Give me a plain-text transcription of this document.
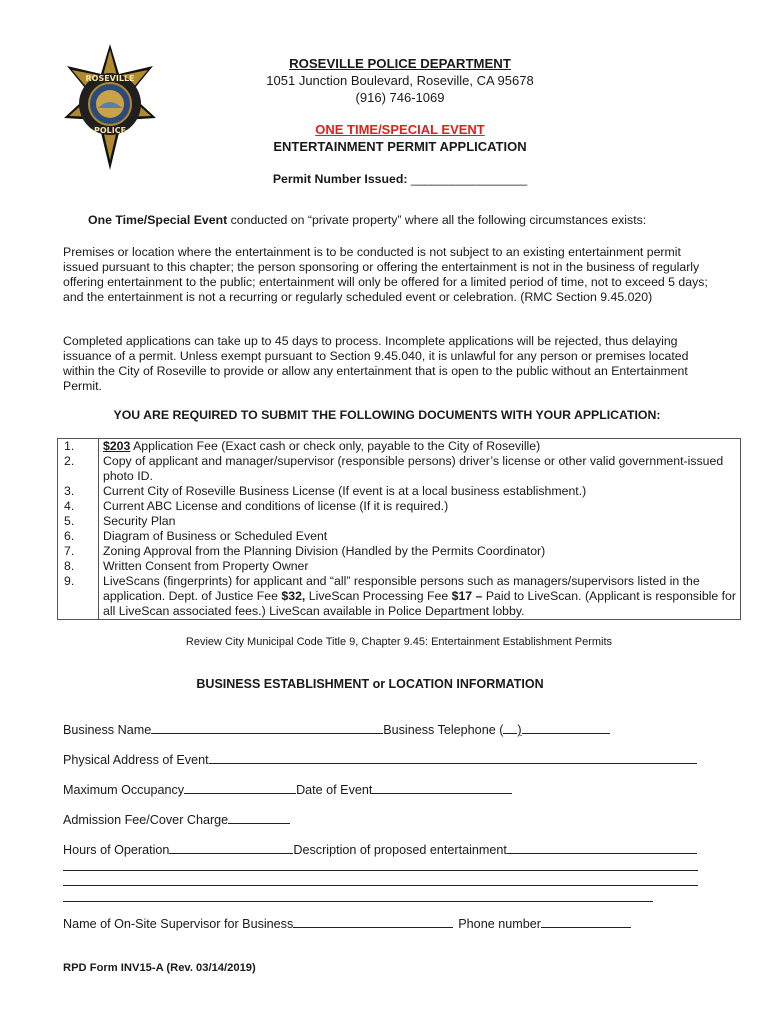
ROSEVILLE
POLICE
ROSEVILLE POLICE DEPARTMENT
1051 Junction Boulevard, Roseville, CA 95678
(916) 746-1069
ONE TIME/SPECIAL EVENT
ENTERTAINMENT PERMIT APPLICATION
Permit Number Issued: _________________
One Time/Special Event conducted on “private property” where all the following circumstances exists:
Premises or location where the entertainment is to be conducted is not subject to an existing entertainment permit issued pursuant to this chapter; the person sponsoring or offering the entertainment is not in the business of regularly offering entertainment to the public; entertainment will only be offered for a limited period of time, not to exceed 5 days; and the entertainment is not a recurring or regularly scheduled event or celebration. (RMC Section 9.45.020)
Completed applications can take up to 45 days to process. Incomplete applications will be rejected, thus delaying issuance of a permit. Unless exempt pursuant to Section 9.45.040, it is unlawful for any person or premises located within the City of Roseville to provide or allow any entertainment that is open to the public without an Entertainment Permit.
YOU ARE REQUIRED TO SUBMIT THE FOLLOWING DOCUMENTS WITH YOUR APPLICATION:
1.	$203 Application Fee (Exact cash or check only, payable to the City of Roseville)
2.	Copy of applicant and manager/supervisor (responsible persons) driver’s license or other valid government-issued photo ID.
3.	Current City of Roseville Business License (If event is at a local business establishment.)
4.	Current ABC License and conditions of license (If it is required.)
5.	Security Plan
6.	Diagram of Business or Scheduled Event
7.	Zoning Approval from the Planning Division (Handled by the Permits Coordinator)
8.	Written Consent from Property Owner
9.	LiveScans (fingerprints) for applicant and “all” responsible persons such as managers/supervisors listed in the application. Dept. of Justice Fee $32, LiveScan Processing Fee $17 – Paid to LiveScan. (Applicant is responsible for all LiveScan associated fees.) LiveScan available in Police Department lobby.
Review City Municipal Code Title 9, Chapter 9.45: Entertainment Establishment Permits
BUSINESS ESTABLISHMENT or LOCATION INFORMATION
Business Name	Business Telephone ( )
Physical Address of Event
Maximum Occupancy	Date of Event
Admission Fee/Cover Charge
Hours of Operation	Description of proposed entertainment
Name of On-Site Supervisor for Business	Phone number
RPD Form INV15-A (Rev. 03/14/2019)
